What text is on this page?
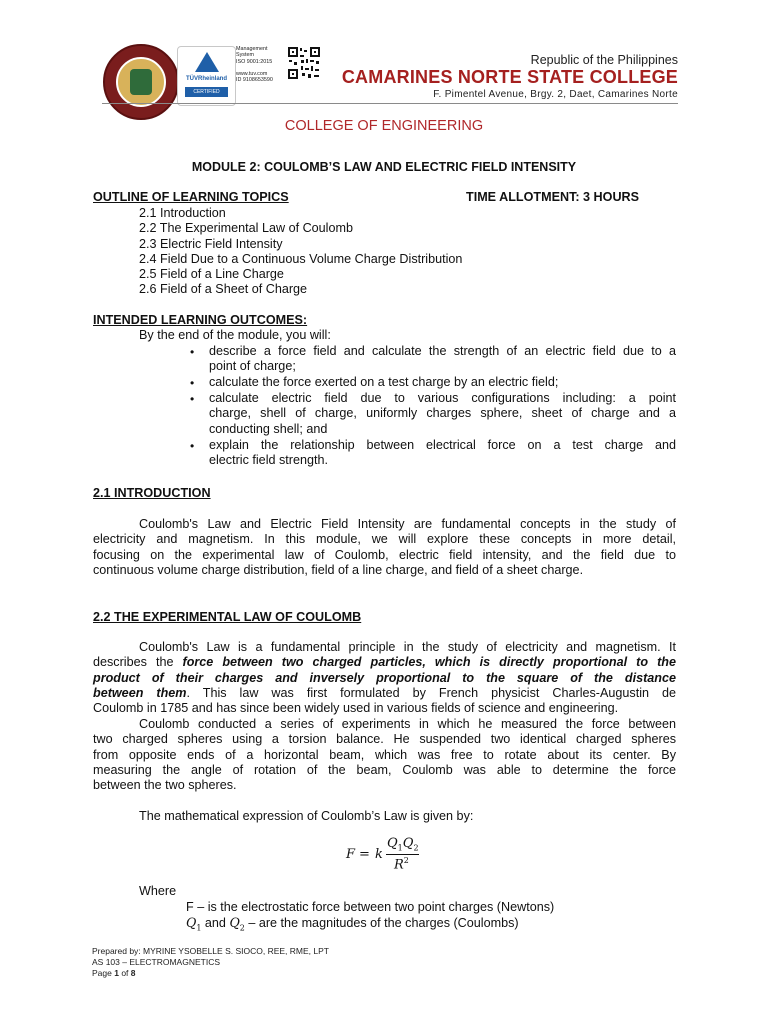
TÜVRheinland
CERTIFIED
Management
System
ISO 9001:2015
www.tuv.com
ID 9108653590
Republic of the Philippines
CAMARINES NORTE STATE COLLEGE
F. Pimentel Avenue, Brgy. 2, Daet, Camarines Norte
COLLEGE OF ENGINEERING
MODULE 2: COULOMB’S LAW AND ELECTRIC FIELD INTENSITY
OUTLINE OF LEARNING TOPICS	TIME ALLOTMENT: 3 HOURS
2.1 Introduction
2.2 The Experimental Law of Coulomb
2.3 Electric Field Intensity
2.4 Field Due to a Continuous Volume Charge Distribution
2.5 Field of a Line Charge
2.6 Field of a Sheet of Charge
INTENDED LEARNING OUTCOMES:
By the end of the module, you will:
• describe a force field and calculate the strength of an electric field due to a
point of charge;
• calculate the force exerted on a test charge by an electric field;
• calculate electric field due to various configurations including: a point
charge, shell of charge, uniformly charges sphere, sheet of charge and a
conducting shell; and
• explain the relationship between electrical force on a test charge and
electric field strength.
2.1 INTRODUCTION
Coulomb's Law and Electric Field Intensity are fundamental concepts in the study of
electricity and magnetism. In this module, we will explore these concepts in more detail,
focusing on the experimental law of Coulomb, electric field intensity, and the field due to
continuous volume charge distribution, field of a line charge, and field of a sheet charge.
2.2 THE EXPERIMENTAL LAW OF COULOMB
Coulomb's Law is a fundamental principle in the study of electricity and magnetism. It
describes the force between two charged particles, which is directly proportional to the
product of their charges and inversely proportional to the square of the distance
between them. This law was first formulated by French physicist Charles-Augustin de
Coulomb in 1785 and has since been widely used in various fields of science and engineering.
Coulomb conducted a series of experiments in which he measured the force between
two charged spheres using a torsion balance. He suspended two identical charged spheres
from opposite ends of a horizontal beam, which was free to rotate about its center. By
measuring the angle of rotation of the beam, Coulomb was able to determine the force
between the two spheres.
The mathematical expression of Coulomb’s Law is given by:
F = k
$Q_1Q_2$
$R^2$
Where
F – is the electrostatic force between two point charges (Newtons)
$Q_1$ and $Q_2$ – are the magnitudes of the charges (Coulombs)
Prepared by: MYRINE YSOBELLE S. SIOCO, REE, RME, LPT
AS 103 – ELECTROMAGNETICS
Page 1 of 8
